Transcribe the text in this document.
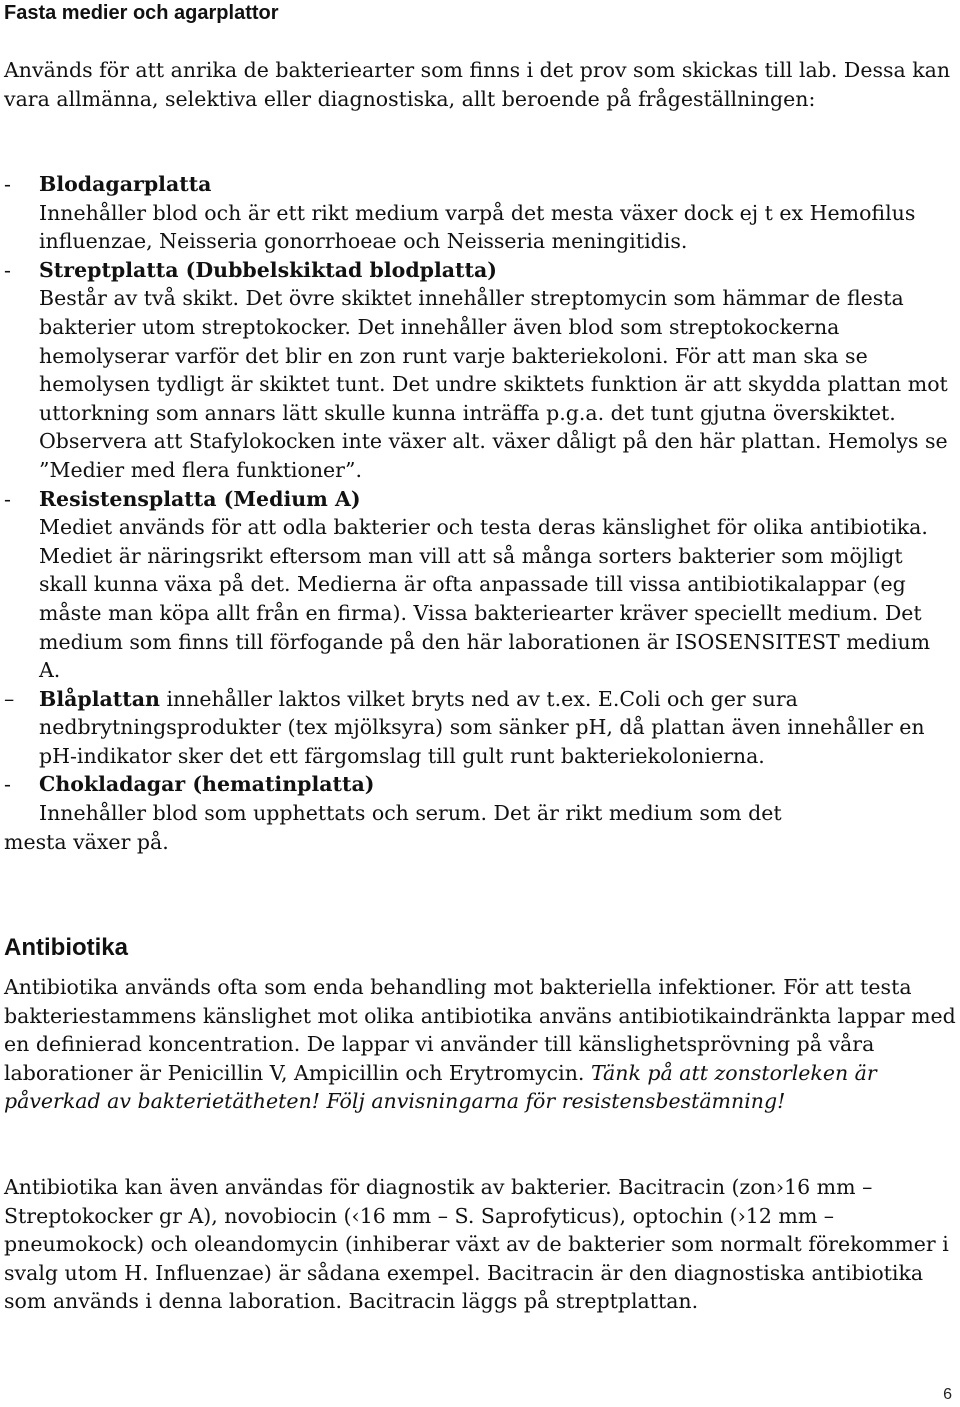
Fasta medier och agarplattor
Används för att anrika de bakteriearter som finns i det prov som skickas till lab. Dessa kan vara allmänna, selektiva eller diagnostiska, allt beroende på frågeställningen:
- Blodagarplatta
Innehåller blod och är ett rikt medium varpå det mesta växer dock ej t ex Hemofilus influenzae, Neisseria gonorrhoeae och Neisseria meningitidis.
- Streptplatta (Dubbelskiktad blodplatta)
Består av två skikt. Det övre skiktet innehåller streptomycin som hämmar de flesta bakterier utom streptokocker. Det innehåller även blod som streptokockerna hemolyserar varför det blir en zon runt varje bakteriekoloni. För att man ska se hemolysen tydligt är skiktet tunt. Det undre skiktets funktion är att skydda plattan mot uttorkning som annars lätt skulle kunna inträffa p.g.a. det tunt gjutna överskiktet. Observera att Stafylokocken inte växer alt. växer dåligt på den här plattan. Hemolys se ”Medier med flera funktioner”.
- Resistensplatta (Medium A)
Mediet används för att odla bakterier och testa deras känslighet för olika antibiotika. Mediet är näringsrikt eftersom man vill att så många sorters bakterier som möjligt skall kunna växa på det. Medierna är ofta anpassade till vissa antibiotikalappar (eg måste man köpa allt från en firma). Vissa bakteriearter kräver speciellt medium. Det medium som finns till förfogande på den här laborationen är ISOSENSITEST medium A.
– Blåplattan innehåller laktos vilket bryts ned av t.ex. E.Coli och ger sura nedbrytningsprodukter (tex mjölksyra) som sänker pH, då plattan även innehåller en pH-indikator sker det ett färgomslag till gult runt bakteriekolonierna.
- Chokladagar (hematinplatta)
Innehåller blod som upphettats och serum. Det är rikt medium som det
mesta växer på.
Antibiotika
Antibiotika används ofta som enda behandling mot bakteriella infektioner. För att testa bakteriestammens känslighet mot olika antibiotika använs antibiotikaindränkta lappar med en definierad koncentration. De lappar vi använder till känslighetsprövning på våra laborationer är Penicillin V, Ampicillin och Erytromycin. Tänk på att zonstorleken är påverkad av bakterietätheten! Följ anvisningarna för resistensbestämning!
Antibiotika kan även användas för diagnostik av bakterier. Bacitracin (zon›16 mm – Streptokocker gr A), novobiocin (‹16 mm – S. Saprofyticus), optochin (›12 mm – pneumokock) och oleandomycin (inhiberar växt av de bakterier som normalt förekommer i svalg utom H. Influenzae) är sådana exempel. Bacitracin är den diagnostiska antibiotika som används i denna laboration. Bacitracin läggs på streptplattan.
6
